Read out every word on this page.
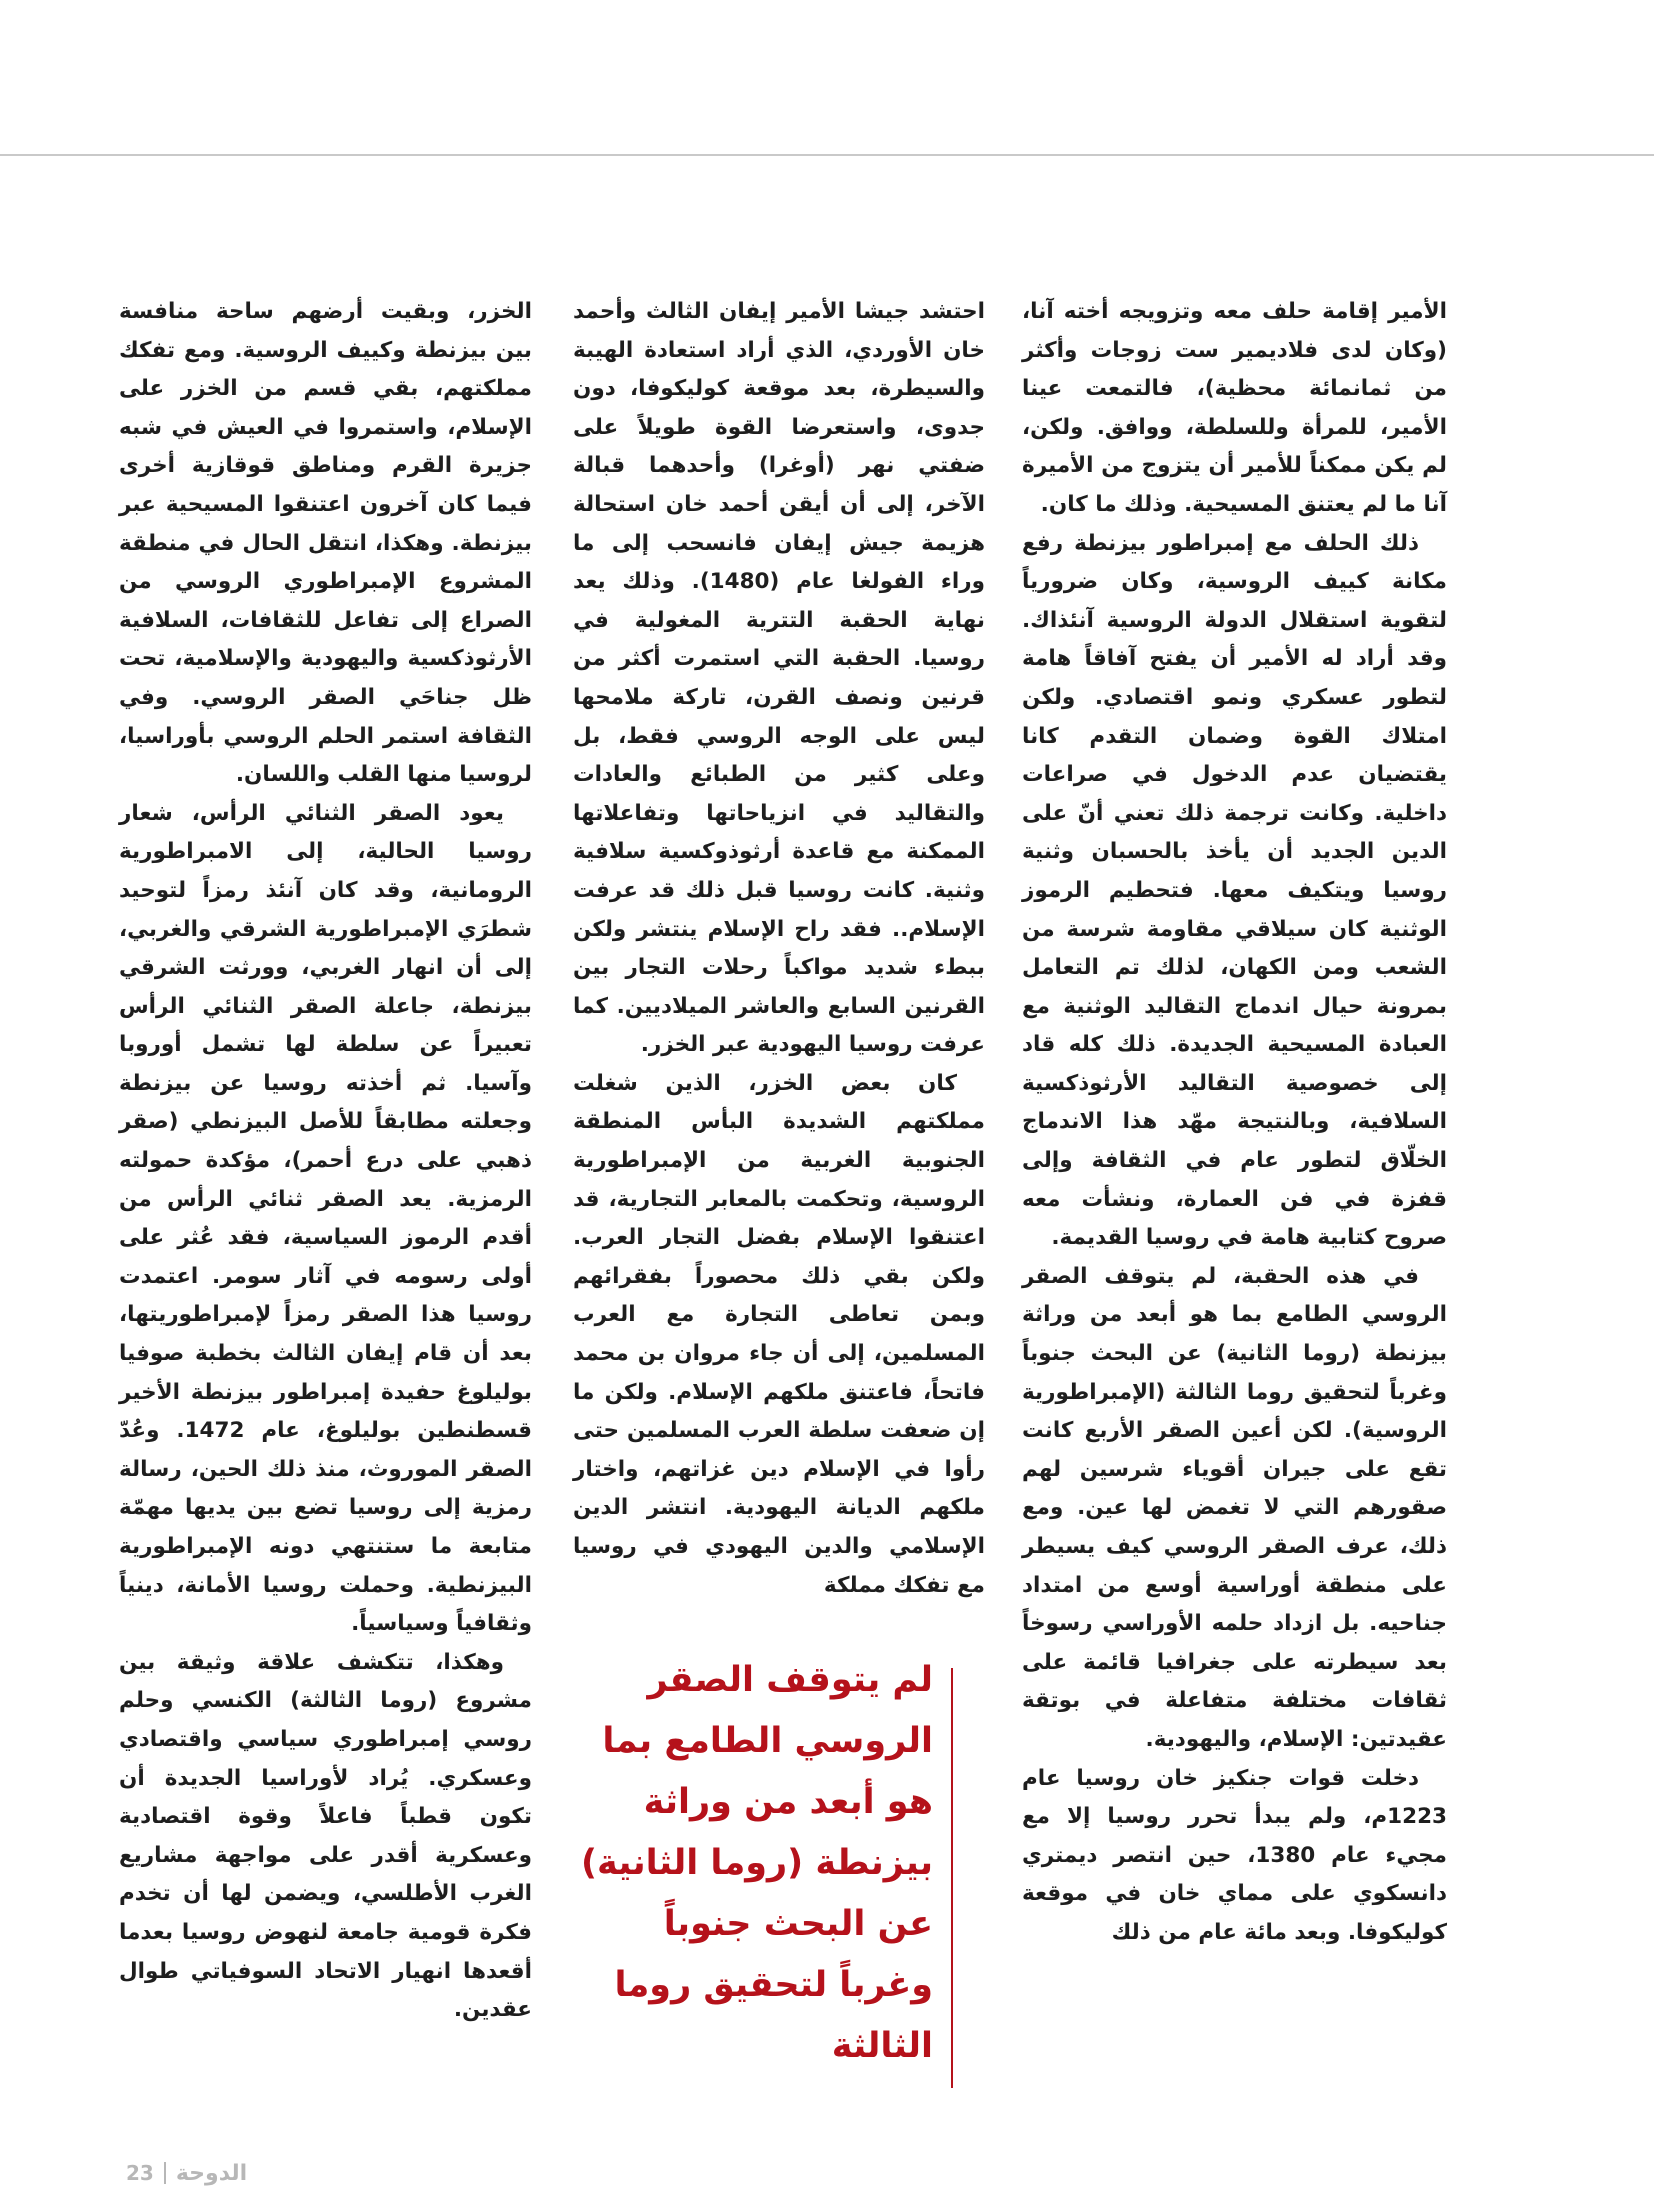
الأمير إقامة حلف معه وتزويجه أخته آنا، (وكان لدى فلاديمير ست زوجات وأكثر من ثمانمائة محظية)، فالتمعت عينا الأمير، للمرأة وللسلطة، ووافق. ولكن، لم يكن ممكناً للأمير أن يتزوج من الأميرة آنا ما لم يعتنق المسيحية. وذلك ما كان.

ذلك الحلف مع إمبراطور بيزنطة رفع مكانة كييف الروسية، وكان ضرورياً لتقوية استقلال الدولة الروسية آنئذاك. وقد أراد له الأمير أن يفتح آفاقاً هامة لتطور عسكري ونمو اقتصادي. ولكن امتلاك القوة وضمان التقدم كانا يقتضيان عدم الدخول في صراعات داخلية. وكانت ترجمة ذلك تعني أنّ على الدين الجديد أن يأخذ بالحسبان وثنية روسيا ويتكيف معها. فتحطيم الرموز الوثنية كان سيلاقي مقاومة شرسة من الشعب ومن الكهان، لذلك تم التعامل بمرونة حيال اندماج التقاليد الوثنية مع العبادة المسيحية الجديدة. ذلك كله قاد إلى خصوصية التقاليد الأرثوذكسية السلافية، وبالنتيجة مهّد هذا الاندماج الخلّاق لتطور عام في الثقافة وإلى قفزة في فن العمارة، ونشأت معه صروح كتابية هامة في روسيا القديمة.

في هذه الحقبة، لم يتوقف الصقر الروسي الطامع بما هو أبعد من وراثة بيزنطة (روما الثانية) عن البحث جنوباً وغرباً لتحقيق روما الثالثة (الإمبراطورية الروسية). لكن أعين الصقر الأربع كانت تقع على جيران أقوياء شرسين لهم صقورهم التي لا تغمض لها عين. ومع ذلك، عرف الصقر الروسي كيف يسيطر على منطقة أوراسية أوسع من امتداد جناحيه. بل ازداد حلمه الأوراسي رسوخاً بعد سيطرته على جغرافيا قائمة على ثقافات مختلفة متفاعلة في بوتقة عقيدتين: الإسلام، واليهودية.

دخلت قوات جنكيز خان روسيا عام 1223م، ولم يبدأ تحرر روسيا إلا مع مجيء عام 1380، حين انتصر ديمتري دانسكوي على مماي خان في موقعة كوليكوفا. وبعد مائة عام من ذلك

احتشد جيشا الأمير إيفان الثالث وأحمد خان الأوردي، الذي أراد استعادة الهيبة والسيطرة، بعد موقعة كوليكوفا، دون جدوى، واستعرضا القوة طويلاً على ضفتي نهر (أوغرا) وأحدهما قبالة الآخر، إلى أن أيقن أحمد خان استحالة هزيمة جيش إيفان فانسحب إلى ما وراء الفولغا عام (1480). وذلك يعد نهاية الحقبة التترية المغولية في روسيا. الحقبة التي استمرت أكثر من قرنين ونصف القرن، تاركة ملامحها ليس على الوجه الروسي فقط، بل وعلى كثير من الطبائع والعادات والتقاليد في انزياحاتها وتفاعلاتها الممكنة مع قاعدة أرثوذوكسية سلافية وثنية. كانت روسيا قبل ذلك قد عرفت الإسلام.. فقد راح الإسلام ينتشر ولكن ببطء شديد مواكباً رحلات التجار بين القرنين السابع والعاشر الميلاديين. كما عرفت روسيا اليهودية عبر الخزر.

كان بعض الخزر، الذين شغلت مملكتهم الشديدة البأس المنطقة الجنوبية الغربية من الإمبراطورية الروسية، وتحكمت بالمعابر التجارية، قد اعتنقوا الإسلام بفضل التجار العرب. ولكن بقي ذلك محصوراً بفقرائهم وبمن تعاطى التجارة مع العرب المسلمين، إلى أن جاء مروان بن محمد فاتحاً، فاعتنق ملكهم الإسلام. ولكن ما إن ضعفت سلطة العرب المسلمين حتى رأوا في الإسلام دين غزاتهم، واختار ملكهم الديانة اليهودية. انتشر الدين الإسلامي والدين اليهودي في روسيا مع تفكك مملكة

الخزر، وبقيت أرضهم ساحة منافسة بين بيزنطة وكييف الروسية. ومع تفكك مملكتهم، بقي قسم من الخزر على الإسلام، واستمروا في العيش في شبه جزيرة القرم ومناطق قوقازية أخرى فيما كان آخرون اعتنقوا المسيحية عبر بيزنطة. وهكذا، انتقل الحال في منطقة المشروع الإمبراطوري الروسي من الصراع إلى تفاعل للثقافات، السلافية الأرثوذكسية واليهودية والإسلامية، تحت ظل جناحَي الصقر الروسي. وفي الثقافة استمر الحلم الروسي بأوراسيا، لروسيا منها القلب واللسان.

يعود الصقر الثنائي الرأس، شعار روسيا الحالية، إلى الامبراطورية الرومانية، وقد كان آنئذ رمزاً لتوحيد شطرَي الإمبراطورية الشرقي والغربي، إلى أن انهار الغربي، وورثت الشرقي بيزنطة، جاعلة الصقر الثنائي الرأس تعبيراً عن سلطة لها تشمل أوروبا وآسيا. ثم أخذته روسيا عن بيزنطة وجعلته مطابقاً للأصل البيزنطي (صقر ذهبي على درع أحمر)، مؤكدة حمولته الرمزية. يعد الصقر ثنائي الرأس من أقدم الرموز السياسية، فقد عُثر على أولى رسومه في آثار سومر. اعتمدت روسيا هذا الصقر رمزاً لإمبراطوريتها، بعد أن قام إيفان الثالث بخطبة صوفيا بوليلوغ حفيدة إمبراطور بيزنطة الأخير قسطنطين بوليلوغ، عام 1472. وعُدّ الصقر الموروث، منذ ذلك الحين، رسالة رمزية إلى روسيا تضع بين يديها مهمّة متابعة ما ستنتهي دونه الإمبراطورية البيزنطية. وحملت روسيا الأمانة، دينياً وثقافياً وسياسياً.

وهكذا، تتكشف علاقة وثيقة بين مشروع (روما الثالثة) الكنسي وحلم روسي إمبراطوري سياسي واقتصادي وعسكري. يُراد لأوراسيا الجديدة أن تكون قطباً فاعلاً وقوة اقتصادية وعسكرية أقدر على مواجهة مشاريع الغرب الأطلسي، ويضمن لها أن تخدم فكرة قومية جامعة لنهوض روسيا بعدما أقعدها انهيار الاتحاد السوفياتي طوال عقدين.

لم يتوقف الصقر الروسي الطامع بما هو أبعد من وراثة بيزنطة (روما الثانية) عن البحث جنوباً وغرباً لتحقيق روما الثالثة
23 الدوحة
